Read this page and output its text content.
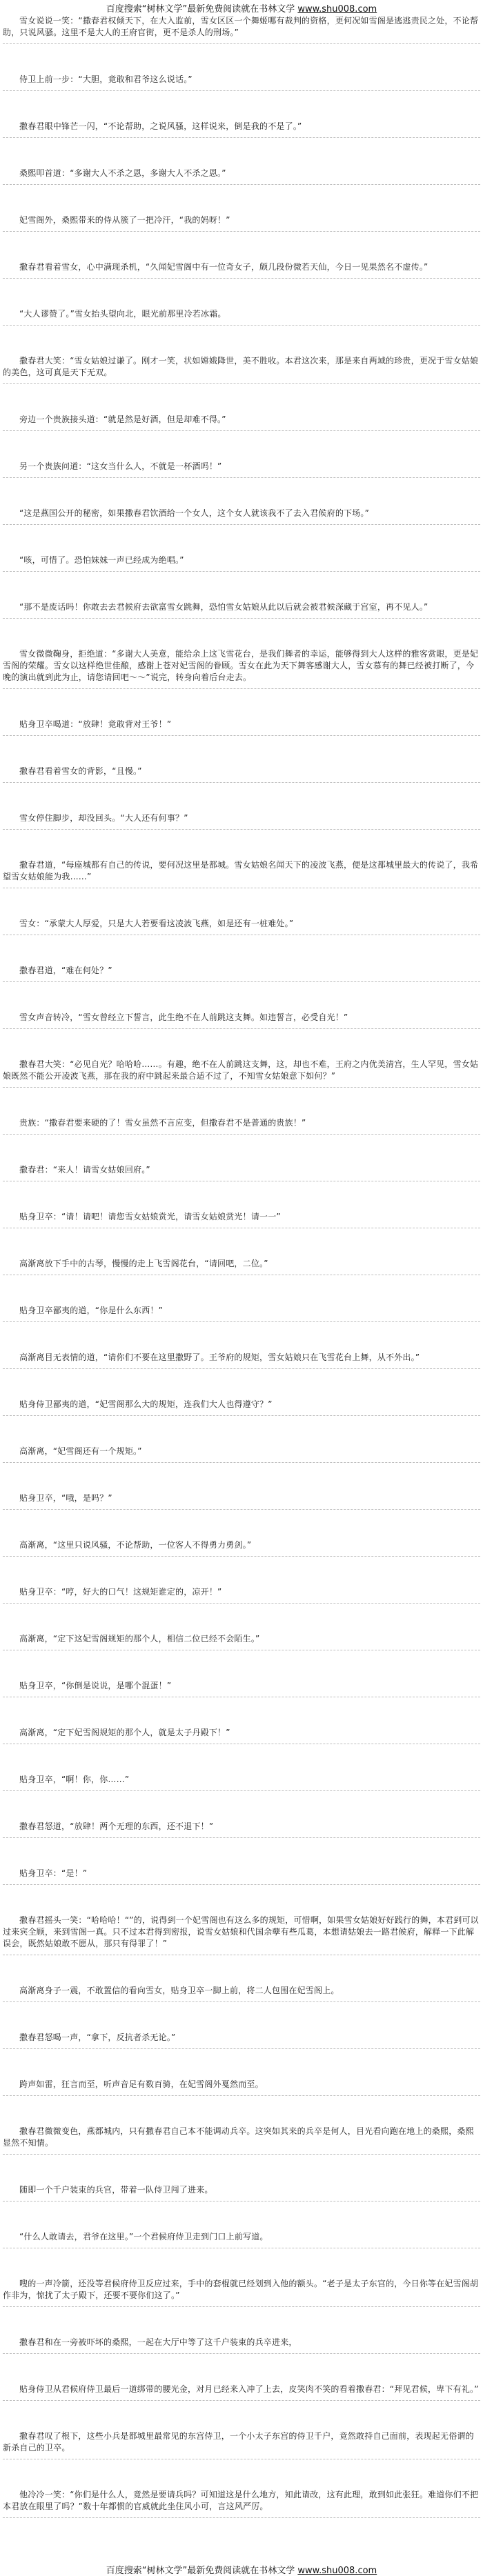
百度搜索“树林文学”最新免费阅读就在书林文学 www.shu008.com

雪女说说一笑：“撒春君权倾天下，在大入监前，雪女区区一个舞姬哪有裁判的资格，更何况如雪阁是逃逃责民之处，不论帮助，只说风骚。这里不是大人的王府官街，更不是杀人的刑场。”

侍卫上前一步：“大胆，竟敢和君爷这么说话。”

撒春君眼中锋芒一闪，“不论帮助，之说风骚，这样说来，倒是我的不是了。”

桑熙叩首道：“多谢大人不杀之恩，多谢大人不杀之恩。”

妃雪阁外，桑熙带来的侍从簇了一把冷汗，“我的妈呀！”

撒春君看着雪女，心中满现杀机，“久闻妃雪阁中有一位奇女子，颇几段份微若天仙，今日一见果然名不虚传。”

“大人谬赞了。”雪女抬头望向北，眼光前那里冷若冰霜。

撒春君大笑：“雪女姑娘过谦了。刚才一笑，状如嫦娥降世，美不胜收。本君这次来，那是来自两域的珍贵，更况于雪女姑娘的美色，这可真是天下无双。

旁边一个贵族接头道：“就是然是好酒，但是却难不得。”

另一个贵族问道：“这女当什么人，不就是一杯酒吗！”

“这是燕国公开的秘密，如果撒春君饮酒给一个女人，这个女人就该我不了去入君候府的下场。”

“咳，可惜了。恐怕妹妹一声已经成为绝唱。”

“那不是废话吗！你敢去去君候府去欲富雪女跳舞，恐怕雪女姑娘从此以后就会被君候深藏于宫室，再不见人。”

雪女微微鞠身，拒绝道：“多谢大人美意，能给余上这飞雪花台，是我们舞者的幸运，能够得到大人这样的雅客赏眼，更是妃雪阁的荣耀。雪女以这样绝世佳酿，感谢上苍对妃雪阁的眷顾。雪女在此为天下舞客感谢大人，雪女慕有的舞已经被打断了，今晚的演出就到此为止，请您请回吧～～”说完，转身向着后台走去。

贴身卫卒喝道：“放肆！竟敢背对王爷！”

撒春君看着雪女的背影，“且慢。”

雪女停住脚步，却没回头。“大人还有何事？”

撒春君道，“每座城都有自己的传说，要何况这里是都城。雪女姑娘名闻天下的凌波飞燕，便是这都城里最大的传说了，我希望雪女姑娘能为我……”

雪女：“承蒙大人厚爱，只是大人若要看这凌波飞燕，如是还有一桩难处。”

撒春君道，“难在何处？”

雪女声音转冷，“雪女曾经立下誓言，此生绝不在人前跳这支舞。如违誓言，必受自光！”

撒春君大笑：“必见自光？哈哈哈……。有趣，绝不在人前跳这支舞，这，却也不难，王府之内优美清宫，生人罕见，雪女姑娘既然不能公开凌波飞燕，那在我的府中跳起来最合适不过了，不知雪女姑娘意下如何？”

贵族：“撒春君要来硬的了！雪女虽然不言应变，但撒春君不是普通的贵族！”

撒春君：“来人！请雪女姑娘回府。”

贴身卫卒：“请！请吧！请您雪女姑娘赏光，请雪女姑娘赏光！请一一”

高渐离放下手中的古琴，慢慢的走上飞雪阁花台，“请回吧，二位。”

贴身卫卒鄙夷的道，“你是什么东西！”

高渐离目无表情的道，“请你们不要在这里撒野了。王爷府的规矩，雪女姑娘只在飞雪花台上舞，从不外出。”

贴身侍卫鄙夷的道，“妃雪阁那么大的规矩，连我们大人也得遵守？”

高渐离，“妃雪阁还有一个规矩。”

贴身卫卒，“哦，是吗？”

高渐离，“这里只说风骚，不论帮助，一位客人不得勇力勇剑。”

贴身卫卒：“哼，好大的口气！这规矩谁定的，凉开！”

高渐离，“定下这妃雪阁规矩的那个人，相信二位已经不会陌生。”

贴身卫卒，“你倒是说说，是哪个混蛋！”

高渐离，“定下妃雪阁规矩的那个人，就是太子丹殿下！”

贴身卫卒，“啊！你，你……”

撒春君怒道，“放肆！两个无理的东西，还不退下！”

贴身卫卒：“是！”

撒春君摇头一笑：“哈哈哈！“”的，说得到一个妃雪阁也有这么多的规矩，可惜啊，如果雪女姑娘好好践行的舞，本君到可以过来宾全顾，来到雪阁一真。只不过本君得到密报，说雪女姑娘和代国余孽有些瓜葛，本想请姑娘去一路君候府，解释一下此解误会，既然姑娘敢不愿从，那只有得罪了！”

高渐离身子一震，不敢置信的看向雪女，贴身卫卒一脚上前，将二人包围在妃雪阁上。

撒春君怒喝一声，“拿下，反抗者杀无论。”

跨声如雷，狂言而至，听声音足有数百骑，在妃雪阁外戛然而至。

撒春君微微变色，燕都城内，只有撒春君自己本不能调动兵卒。这突如其来的兵卒是何人，目光看向跑在地上的桑熙，桑熙显然不知情。

随即一个千户装束的兵官，带着一队侍卫闯了进来。

“什么人敢请去，君爷在这里。”一个君候府侍卫走到门口上前写道。

嗖的一声冷箭，还没等君候府侍卫反应过来，手中的套棍就已经划到入他的额头。“老子是太子东宫的，今日你等在妃雪阁胡作非为，惊扰了太子殿下，还要不要你们这了。”

撒春君和在一旁被吓坏的桑熙，一起在大厅中等了这千户装束的兵卒进来，

贴身侍卫从君候府侍卫最后一道绑带的腰光金，对月已经来入冲了上去，皮笑肉不笑的看着撒春君：“拜见君候，卑下有礼。”

撒春君叹了根下，这些小兵是都城里最常见的东宫侍卫，一个小太子东宫的侍卫千户，竟然敢持自己面前，表现起无俗谓的新杀自己的卫卒。

他冷冷一笑：“你们是什么人，竟然是要请兵吗？可知道这是什么地方，知此请改，这有此理，敢到如此张狂。难道你们不把本君放在眼里了吗？”数十年都惯的官威就此坐住风小可，言这风严厉。

百度搜索“树林文学”最新免费阅读就在书林文学 www.shu008.com
